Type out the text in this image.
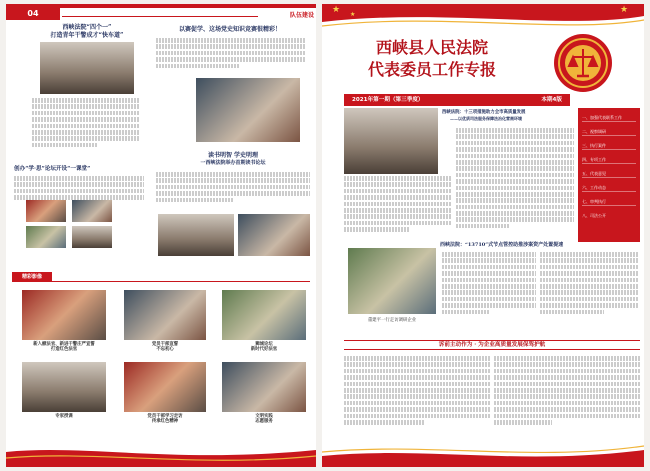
04	队伍建设
西峡法院“四个一”
打造青年干警成才“快车道”
以赛促学、这场党史知识竞赛很精彩！
创办“学·思”论坛开设“一课堂”
读书明智 学史明理
一西峡法院举办首期读书论坛
精彩影像
新入额法官、新进干警庄严宣誓
打造红色法官
党员干部宣誓
不忘初心
狮城论坛
新时代好法官
专家授课	党员干部学习走访
传承红色精神
文明实践
志愿服务
★ ★	★
西峡县人民法院
代表委员工作专报
2021年第一期（第三季度）	本期4版
西峡法院：十三项措施助力全市高质量发展
——以优质司法服务保障法治化营商环境	一、加强代表联系工作
二、视察调研
三、执行案件
四、专项工作
五、代表意见
六、工作动态
七、审判执行
八、司法公开
西峡法院：“13710”式节点管控助推涉案资产处置提速
董建平一行走访调研企业
诉前主动作为 · 为企业高质量发展保驾护航
